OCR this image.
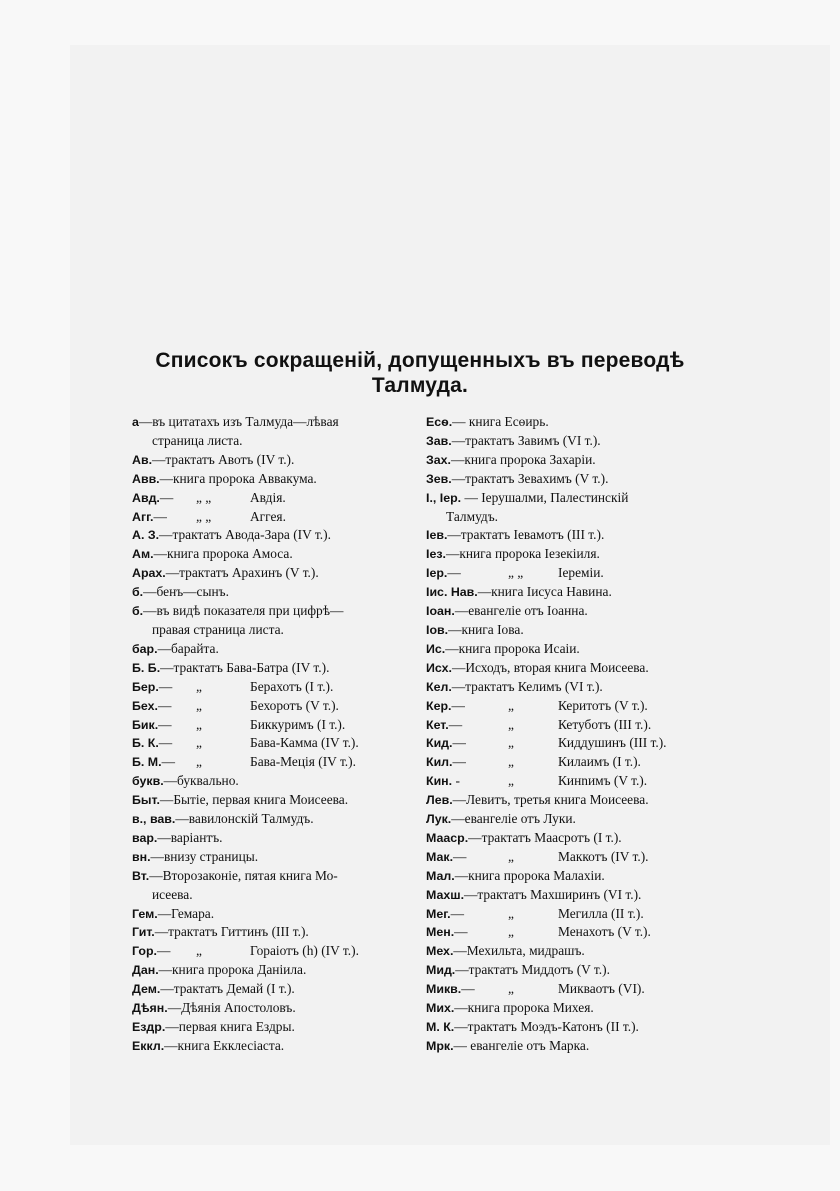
Списокъ сокращеній, допущенныхъ въ переводѣ
Талмуда.
а—въ цитатахъ изъ Талмуда—лѣвая
страница листа.
Ав.—трактатъ Авотъ (IV т.).
Авв.—книга пророка Аввакума.
Авд.— „ „	Авдія.
Агг.— „ „	Аггея.
А. З.—трактатъ Авода-Зара (IV т.).
Ам.—книга пророка Амоса.
Арах.—трактатъ Арахинъ (V т.).
б.—бенъ—сынъ.
б.—въ видѣ показателя при цифрѣ—
правая страница листа.
бар.—барайта.
Б. Б.—трактатъ Бава-Батра (IV т.).
Бер.— „	Берахотъ (I т.).
Бех.— „	Бехоротъ (V т.).
Бик.— „	Биккуримъ (I т.).
Б. К.— „	Бава-Камма (IV т.).
Б. М.— „	Бава-Меція (IV т.).
букв.—буквально.
Быт.—Бытіе, первая книга Моисеева.
в., вав.—вавилонскій Талмудъ.
вар.—варіантъ.
вн.—внизу страницы.
Вт.—Второзаконіе, пятая книга Мо-
исеева.
Гем.—Гемара.
Гит.—трактатъ Гиттинъ (III т.).
Гор.— „	Гораіотъ (h) (IV т.).
Дан.—книга пророка Даніила.
Дем.—трактатъ Демай (I т.).
Дѣян.—Дѣянія Апостоловъ.
Ездр.—первая книга Ездры.
Еккл.—книга Екклесіаста.
Есѳ.— книга Есѳирь.
Зав.—трактатъ Завимъ (VI т.).
Зах.—книга пророка Захаріи.
Зев.—трактатъ Зевахимъ (V т.).
І., Іер. — Іерушалми, Палестинскій
Талмудъ.
Іев.—трактатъ Іевамотъ (III т.).
Іез.—книга пророка Іезекіиля.
Іер.—	„ „	Іереміи.
Іис. Нав.—книга Іисуса Навина.
Іоан.—евангеліе отъ Іоанна.
Іов.—книга Іова.
Ис.—книга пророка Исаіи.
Исх.—Исходъ, вторая книга Моисеева.
Кел.—трактатъ Келимъ (VI т.).
Кер.—	„	Керитотъ (V т.).
Кет.—	„	Кетуботъ (III т.).
Кид.—	„	Киддушинъ (III т.).
Кил.—	„	Килаимъ (I т.).
Кин. -	„	Кинnимъ (V т.).
Лев.—Левитъ, третья книга Моисеева.
Лук.—евангеліе отъ Луки.
Мааср.—трактатъ Маасротъ (I т.).
Мак.—	„	Маккотъ (IV т.).
Мал.—книга пророка Малахіи.
Махш.—трактатъ Махширинъ (VI т.).
Мег.—	„	Мегилла (II т.).
Мен.—	„	Менахотъ (V т.).
Мех.—Мехильта, мидрашъ.
Мид.—трактатъ Миддотъ (V т.).
Микв.— „	Микваотъ (VI).
Мих.—книга пророка Михея.
М. К.—трактатъ Моэдъ-Катонъ (II т.).
Мрк.— евангеліе отъ Марка.
